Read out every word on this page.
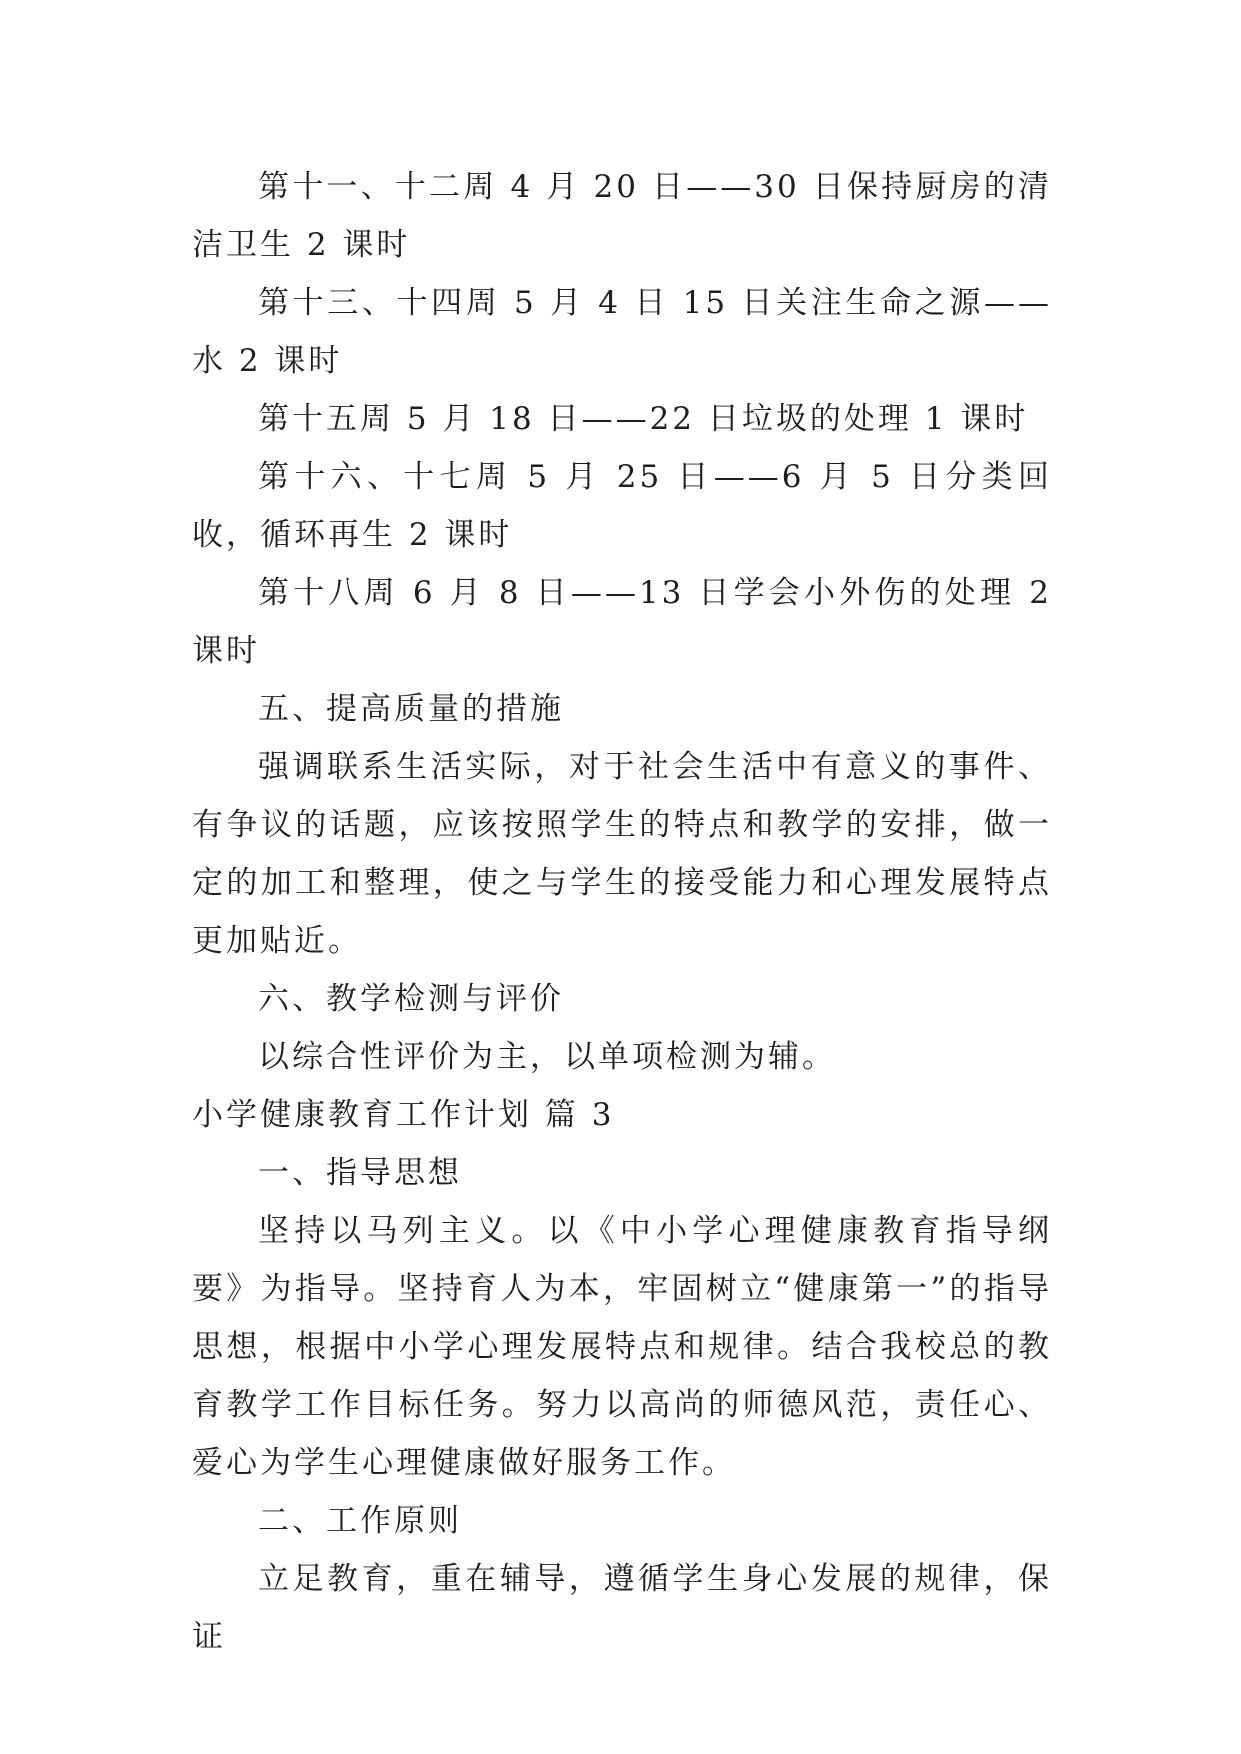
第十一、十二周 4 月 20 日——30 日保持厨房的清洁卫生 2 课时

第十三、十四周 5 月 4 日 15 日关注生命之源——水 2 课时

第十五周 5 月 18 日——22 日垃圾的处理 1 课时

第十六、十七周 5 月 25 日——6 月 5 日分类回收，循环再生 2 课时

第十八周 6 月 8 日——13 日学会小外伤的处理 2 课时

五、提高质量的措施

强调联系生活实际，对于社会生活中有意义的事件、有争议的话题，应该按照学生的特点和教学的安排，做一定的加工和整理，使之与学生的接受能力和心理发展特点更加贴近。

六、教学检测与评价

以综合性评价为主，以单项检测为辅。

小学健康教育工作计划 篇 3

一、指导思想

坚持以马列主义。以《中小学心理健康教育指导纲要》为指导。坚持育人为本，牢固树立“健康第一”的指导思想，根据中小学心理发展特点和规律。结合我校总的教育教学工作目标任务。努力以高尚的师德风范，责任心、爱心为学生心理健康做好服务工作。

二、工作原则

立足教育，重在辅导，遵循学生身心发展的规律，保证
